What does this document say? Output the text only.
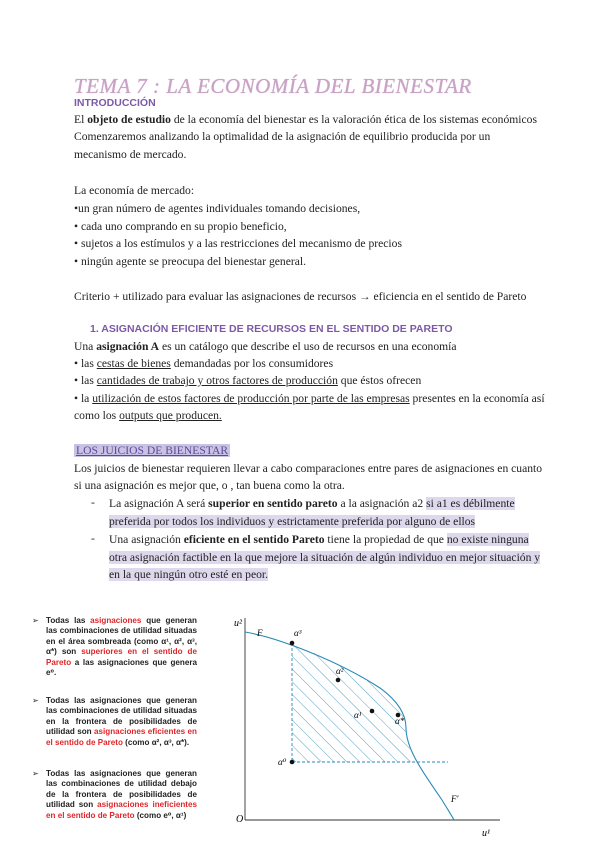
TEMA 7 : LA ECONOMÍA DEL BIENESTAR
INTRODUCCIÓN
El objeto de estudio de la economía del bienestar es la valoración ética de los sistemas económicos
Comenzaremos analizando la optimalidad de la asignación de equilibrio producida por un
mecanismo de mercado.
La economía de mercado:
•un gran número de agentes individuales tomando decisiones,
• cada uno comprando en su propio beneficio,
• sujetos a los estímulos y a las restricciones del mecanismo de precios
• ningún agente se preocupa del bienestar general.
Criterio + utilizado para evaluar las asignaciones de recursos → eficiencia en el sentido de Pareto
1. ASIGNACIÓN EFICIENTE DE RECURSOS EN EL SENTIDO DE PARETO
Una asignación A es un catálogo que describe el uso de recursos en una economía
• las cestas de bienes demandadas por los consumidores
• las cantidades de trabajo y otros factores de producción que éstos ofrecen
• la utilización de estos factores de producción por parte de las empresas presentes en la economía así
como los outputs que producen.
LOS JUICIOS DE BIENESTAR
Los juicios de bienestar requieren llevar a cabo comparaciones entre pares de asignaciones en cuanto
si una asignación es mejor que, o , tan buena como la otra.
- La asignación A será superior en sentido pareto a la asignación a2 si a1 es débilmente
preferida por todos los individuos y estrictamente preferida por alguno de ellos
- Una asignación eficiente en el sentido Pareto tiene la propiedad de que no existe ninguna
otra asignación factible en la que mejore la situación de algún individuo en mejor situación y
en la que ningún otro esté en peor.
➢ Todas las asignaciones que generan las combinaciones de utilidad situadas en el área sombreada (como α¹, α², α³, α*) son superiores en el sentido de Pareto a las asignaciones que genera e⁰.
➢ Todas las asignaciones que generan las combinaciones de utilidad situadas en la frontera de posibilidades de utilidad son asignaciones eficientes en el sentido de Pareto (como α², α³, α*).
➢ Todas las asignaciones que generan las combinaciones de utilidad debajo de la frontera de posibilidades de utilidad son asignaciones ineficientes en el sentido de Pareto (como e⁰, α¹)
u²
u¹
O
F
F'
α³
α²
α¹
α*
α⁰
